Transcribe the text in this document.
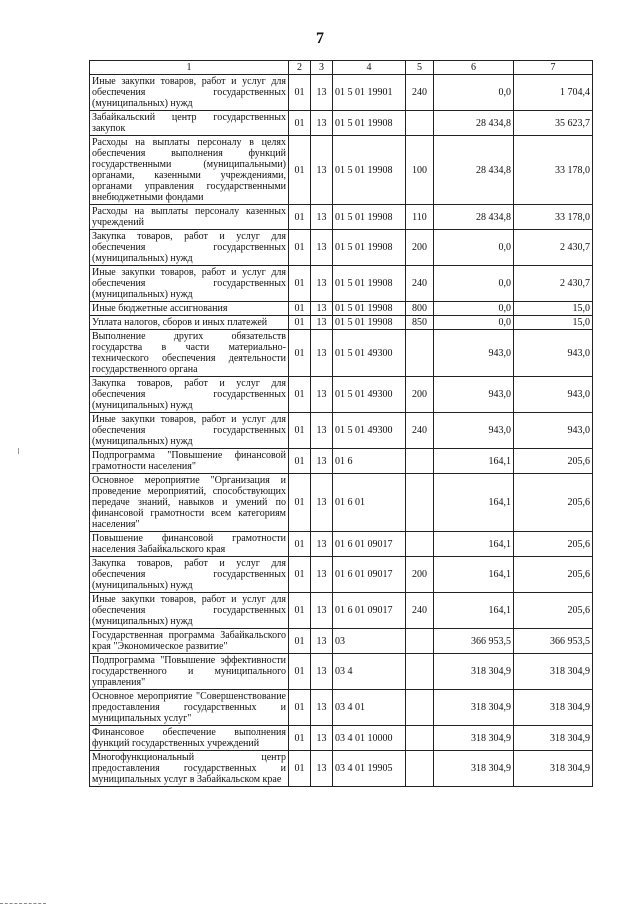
7
1	2	3	4	5	6	7
Иные закупки товаров, работ и услуг для обеспечения государственных (муниципальных) нужд	01	13	01 5 01 19901	240	0,0	1 704,4
Забайкальский центр государственных закупок	01	13	01 5 01 19908		28 434,8	35 623,7
Расходы на выплаты персоналу в целях обеспечения выполнения функций государственными (муниципальными) органами, казенными учреждениями, органами управления государственными внебюджетными фондами	01	13	01 5 01 19908	100	28 434,8	33 178,0
Расходы на выплаты персоналу казенных учреждений	01	13	01 5 01 19908	110	28 434,8	33 178,0
Закупка товаров, работ и услуг для обеспечения государственных (муниципальных) нужд	01	13	01 5 01 19908	200	0,0	2 430,7
Иные закупки товаров, работ и услуг для обеспечения государственных (муниципальных) нужд	01	13	01 5 01 19908	240	0,0	2 430,7
Иные бюджетные ассигнования	01	13	01 5 01 19908	800	0,0	15,0
Уплата налогов, сборов и иных платежей	01	13	01 5 01 19908	850	0,0	15,0
Выполнение других обязательств государства в части материально-технического обеспечения деятельности государственного органа	01	13	01 5 01 49300		943,0	943,0
Закупка товаров, работ и услуг для обеспечения государственных (муниципальных) нужд	01	13	01 5 01 49300	200	943,0	943,0
Иные закупки товаров, работ и услуг для обеспечения государственных (муниципальных) нужд	01	13	01 5 01 49300	240	943,0	943,0
Подпрограмма "Повышение финансовой грамотности населения"	01	13	01 6		164,1	205,6
Основное мероприятие "Организация и проведение мероприятий, способствующих передаче знаний, навыков и умений по финансовой грамотности всем категориям населения"	01	13	01 6 01		164,1	205,6
Повышение финансовой грамотности населения Забайкальского края	01	13	01 6 01 09017		164,1	205,6
Закупка товаров, работ и услуг для обеспечения государственных (муниципальных) нужд	01	13	01 6 01 09017	200	164,1	205,6
Иные закупки товаров, работ и услуг для обеспечения государственных (муниципальных) нужд	01	13	01 6 01 09017	240	164,1	205,6
Государственная программа Забайкальского края "Экономическое развитие"	01	13	03		366 953,5	366 953,5
Подпрограмма "Повышение эффективности государственного и муниципального управления"	01	13	03 4		318 304,9	318 304,9
Основное мероприятие "Совершенствование предоставления государственных и муниципальных услуг"	01	13	03 4 01		318 304,9	318 304,9
Финансовое обеспечение выполнения функций государственных учреждений	01	13	03 4 01 10000		318 304,9	318 304,9
Многофункциональный центр предоставления государственных и муниципальных услуг в Забайкальском крае	01	13	03 4 01 19905		318 304,9	318 304,9
